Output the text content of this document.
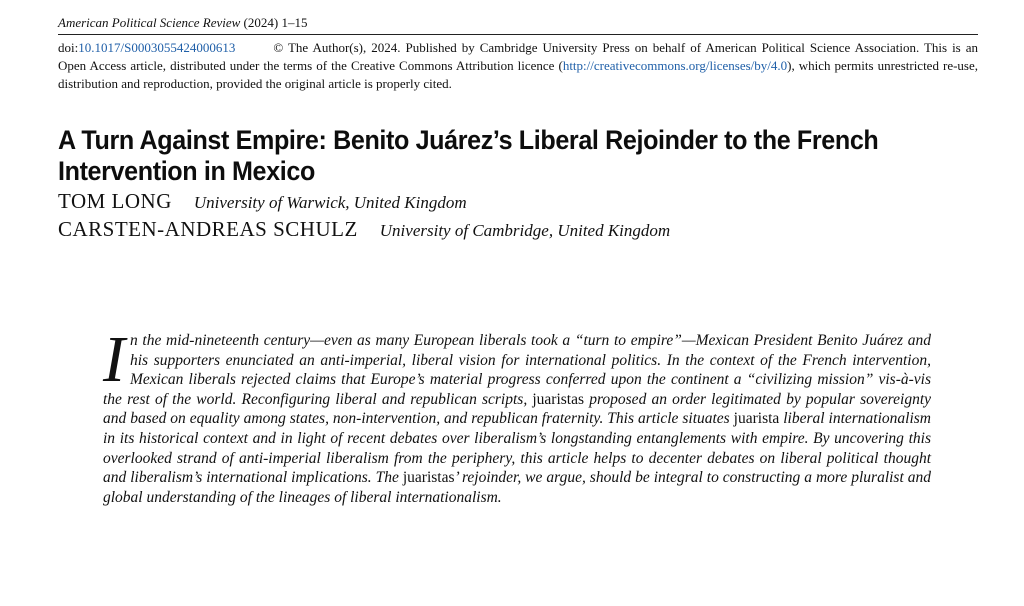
American Political Science Review (2024) 1–15
doi:10.1017/S0003055424000613	© The Author(s), 2024. Published by Cambridge University Press on behalf of American Political Science Association. This is an Open Access article, distributed under the terms of the Creative Commons Attribution licence (http://creativecommons.org/licenses/by/4.0), which permits unrestricted re-use, distribution and reproduction, provided the original article is properly cited.
A Turn Against Empire: Benito Juárez’s Liberal Rejoinder to the French Intervention in Mexico
TOM LONG University of Warwick, United Kingdom
CARSTEN-ANDREAS SCHULZ University of Cambridge, United Kingdom
In the mid-nineteenth century—even as many European liberals took a “turn to empire”—Mexican President Benito Juárez and his supporters enunciated an anti-imperial, liberal vision for international politics. In the context of the French intervention, Mexican liberals rejected claims that Europe’s material progress conferred upon the continent a “civilizing mission” vis-à-vis the rest of the world. Reconfiguring liberal and republican scripts, juaristas proposed an order legitimated by popular sovereignty and based on equality among states, non-intervention, and republican fraternity. This article situates juarista liberal internationalism in its historical context and in light of recent debates over liberalism’s longstanding entanglements with empire. By uncovering this overlooked strand of anti-imperial liberalism from the periphery, this article helps to decenter debates on liberal political thought and liberalism’s international implications. The juaristas’ rejoinder, we argue, should be integral to constructing a more pluralist and global understanding of the lineages of liberal internationalism.
